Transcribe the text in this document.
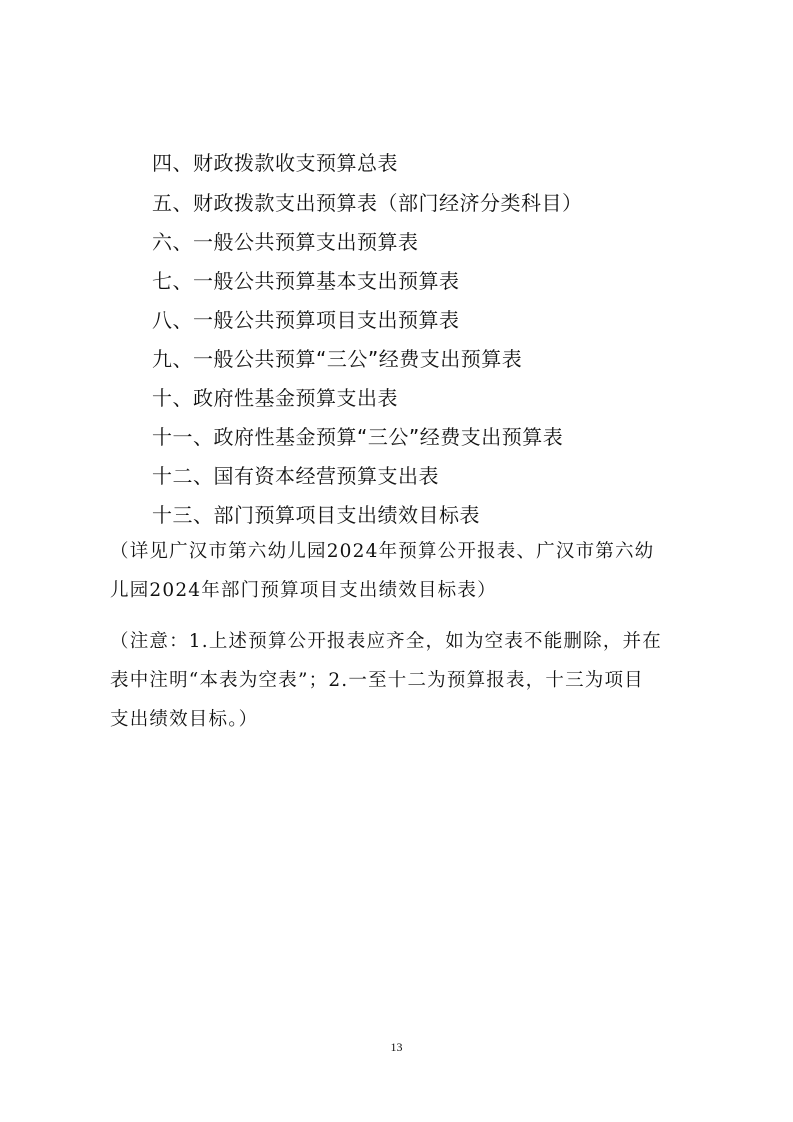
四、财政拨款收支预算总表
五、财政拨款支出预算表（部门经济分类科目）
六、一般公共预算支出预算表
七、一般公共预算基本支出预算表
八、一般公共预算项目支出预算表
九、一般公共预算“三公”经费支出预算表
十、政府性基金预算支出表
十一、政府性基金预算“三公”经费支出预算表
十二、国有资本经营预算支出表
十三、部门预算项目支出绩效目标表
（详见广汉市第六幼儿园2024年预算公开报表、广汉市第六幼
儿园2024年部门预算项目支出绩效目标表）
（注意：1.上述预算公开报表应齐全，如为空表不能删除，并在
表中注明“本表为空表”；2.一至十二为预算报表，十三为项目
支出绩效目标。）
13
